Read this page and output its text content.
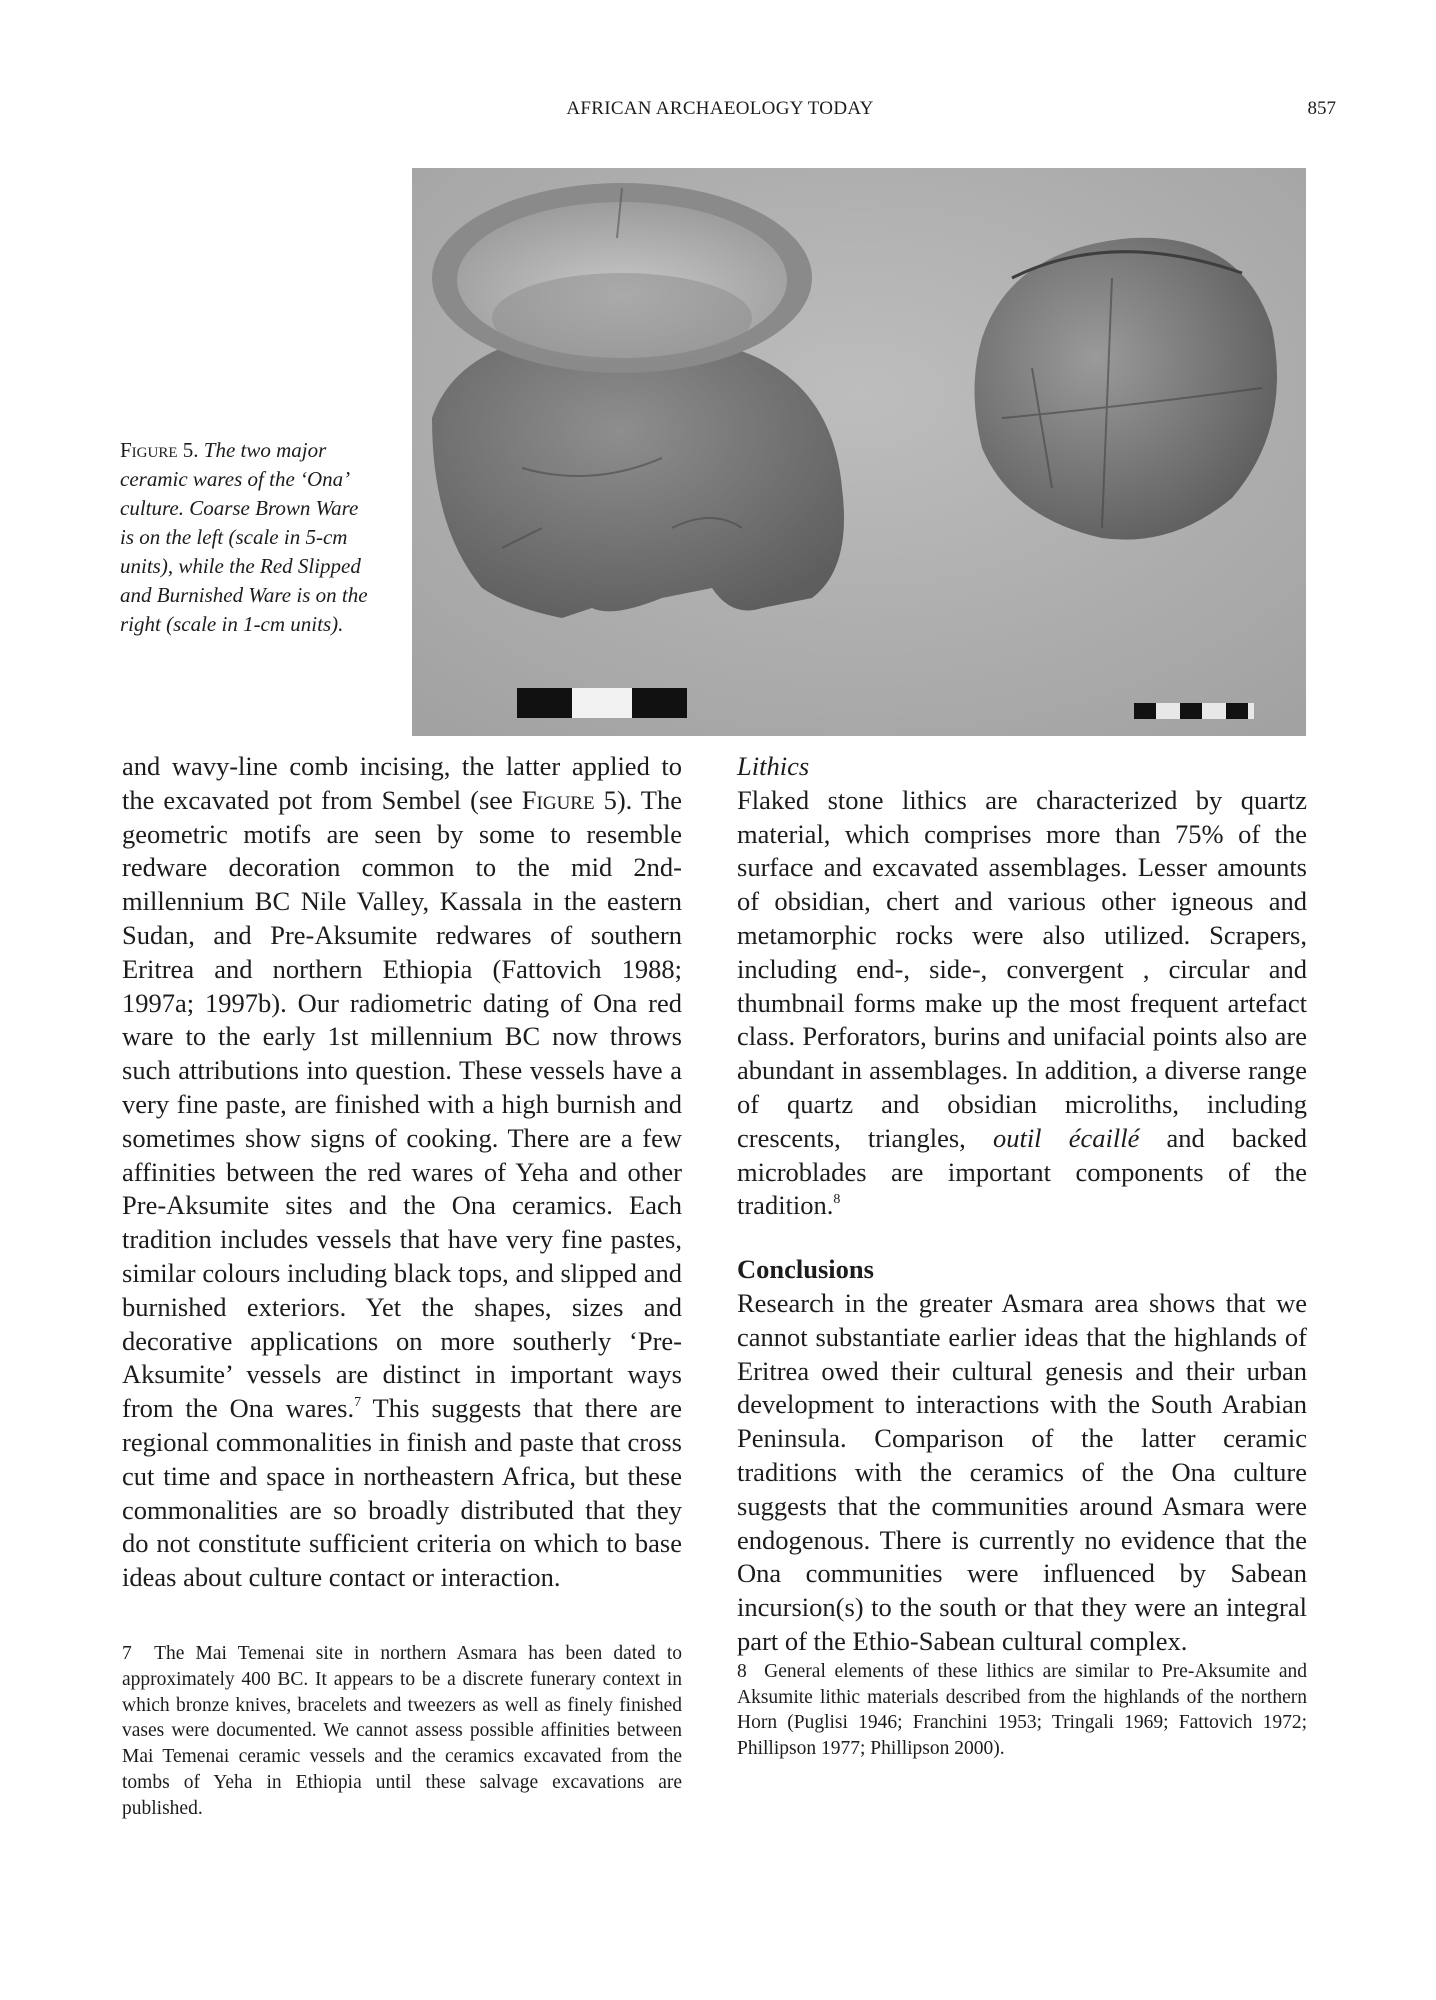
AFRICAN ARCHAEOLOGY TODAY	857
Figure 5. The two major ceramic wares of the ‘Ona’ culture. Coarse Brown Ware is on the left (scale in 5-cm units), while the Red Slipped and Burnished Ware is on the right (scale in 1-cm units).

and wavy-line comb incising, the latter applied to the excavated pot from Sembel (see Figure 5). The geometric motifs are seen by some to resemble redware decoration common to the mid 2nd-millennium BC Nile Valley, Kassala in the eastern Sudan, and Pre-Aksumite redwares of southern Eritrea and northern Ethiopia (Fattovich 1988; 1997a; 1997b). Our radiometric dating of Ona red ware to the early 1st millennium BC now throws such attributions into question. These vessels have a very fine paste, are finished with a high burnish and sometimes show signs of cooking. There are a few affinities between the red wares of Yeha and other Pre-Aksumite sites and the Ona ceramics. Each tradition includes vessels that have very fine pastes, similar colours including black tops, and slipped and burnished exteriors. Yet the shapes, sizes and decorative applications on more southerly ‘Pre-Aksumite’ vessels are distinct in important ways from the Ona wares.$^7$ This suggests that there are regional commonalities in finish and paste that cross cut time and space in northeastern Africa, but these commonalities are so broadly distributed that they do not constitute sufficient criteria on which to base ideas about culture contact or interaction.

7 The Mai Temenai site in northern Asmara has been dated to approximately 400 BC. It appears to be a discrete funerary context in which bronze knives, bracelets and tweezers as well as finely finished vases were documented. We cannot assess possible affinities between Mai Temenai ceramic vessels and the ceramics excavated from the tombs of Yeha in Ethiopia until these salvage excavations are published.

Lithics

Flaked stone lithics are characterized by quartz material, which comprises more than 75% of the surface and excavated assemblages. Lesser amounts of obsidian, chert and various other igneous and metamorphic rocks were also utilized. Scrapers, including end-, side-, convergent , circular and thumbnail forms make up the most frequent artefact class. Perforators, burins and unifacial points also are abundant in assemblages. In addition, a diverse range of quartz and obsidian microliths, including crescents, triangles, outil écaillé and backed microblades are important components of the tradition.$^8$

Conclusions

Research in the greater Asmara area shows that we cannot substantiate earlier ideas that the highlands of Eritrea owed their cultural genesis and their urban development to interactions with the South Arabian Peninsula. Comparison of the latter ceramic traditions with the ceramics of the Ona culture suggests that the communities around Asmara were endogenous. There is currently no evidence that the Ona communities were influenced by Sabean incursion(s) to the south or that they were an integral part of the Ethio-Sabean cultural complex.

8 General elements of these lithics are similar to Pre-Aksumite and Aksumite lithic materials described from the highlands of the northern Horn (Puglisi 1946; Franchini 1953; Tringali 1969; Fattovich 1972; Phillipson 1977; Phillipson 2000).
